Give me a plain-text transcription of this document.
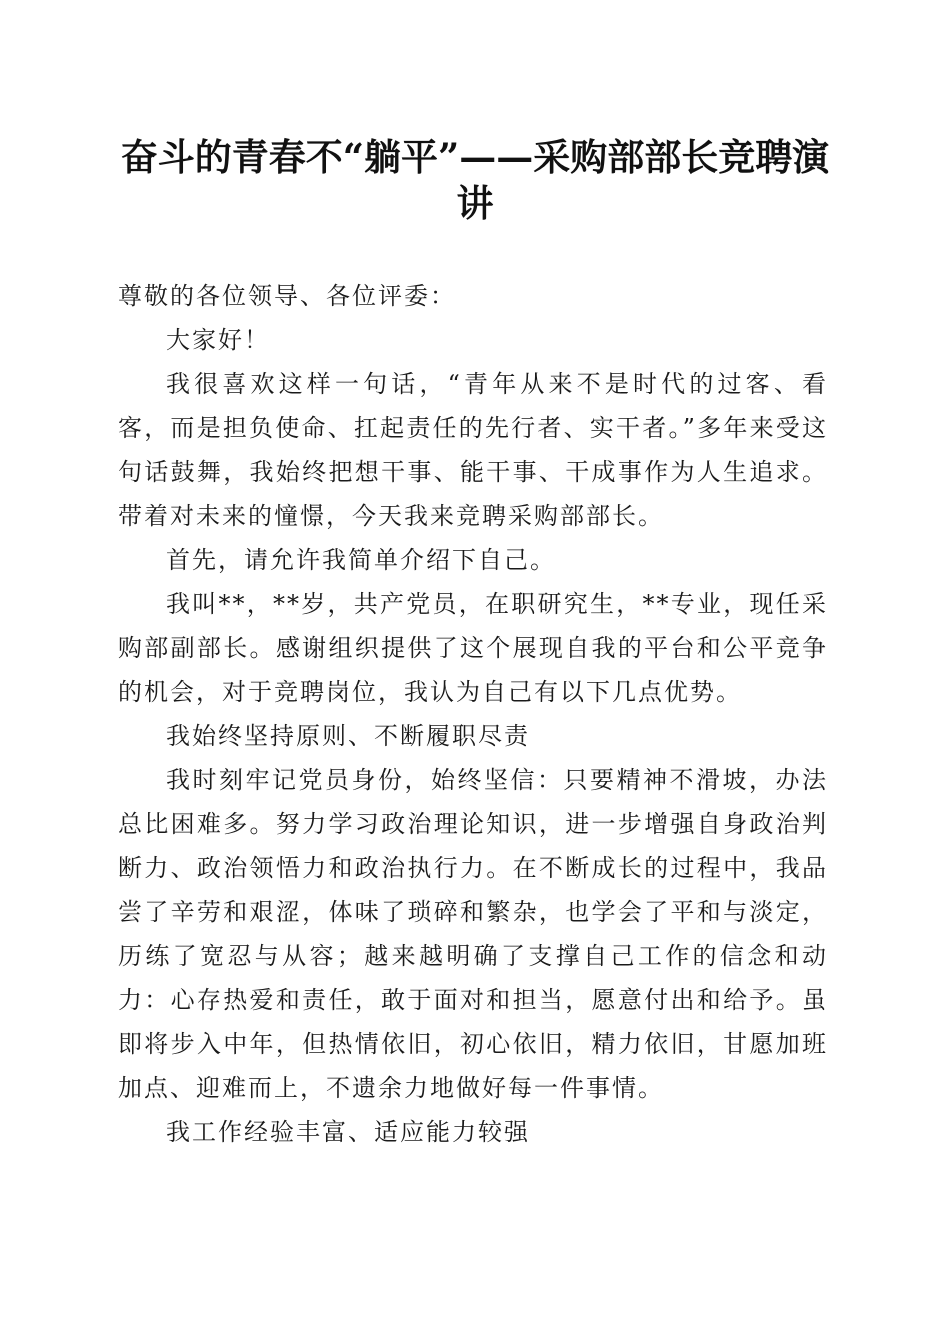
奋斗的青春不“躺平”——采购部部长竞聘演讲

尊敬的各位领导、各位评委：

大家好！

我很喜欢这样一句话，“青年从来不是时代的过客、看客，而是担负使命、扛起责任的先行者、实干者。”多年来受这句话鼓舞，我始终把想干事、能干事、干成事作为人生追求。带着对未来的憧憬，今天我来竞聘采购部部长。

首先，请允许我简单介绍下自己。

我叫**，**岁，共产党员，在职研究生，**专业，现任采购部副部长。感谢组织提供了这个展现自我的平台和公平竞争的机会，对于竞聘岗位，我认为自己有以下几点优势。

我始终坚持原则、不断履职尽责

我时刻牢记党员身份，始终坚信：只要精神不滑坡，办法总比困难多。努力学习政治理论知识，进一步增强自身政治判断力、政治领悟力和政治执行力。在不断成长的过程中，我品尝了辛劳和艰涩，体味了琐碎和繁杂，也学会了平和与淡定，历练了宽忍与从容；越来越明确了支撑自己工作的信念和动力：心存热爱和责任，敢于面对和担当，愿意付出和给予。虽即将步入中年，但热情依旧，初心依旧，精力依旧，甘愿加班加点、迎难而上，不遗余力地做好每一件事情。

我工作经验丰富、适应能力较强
